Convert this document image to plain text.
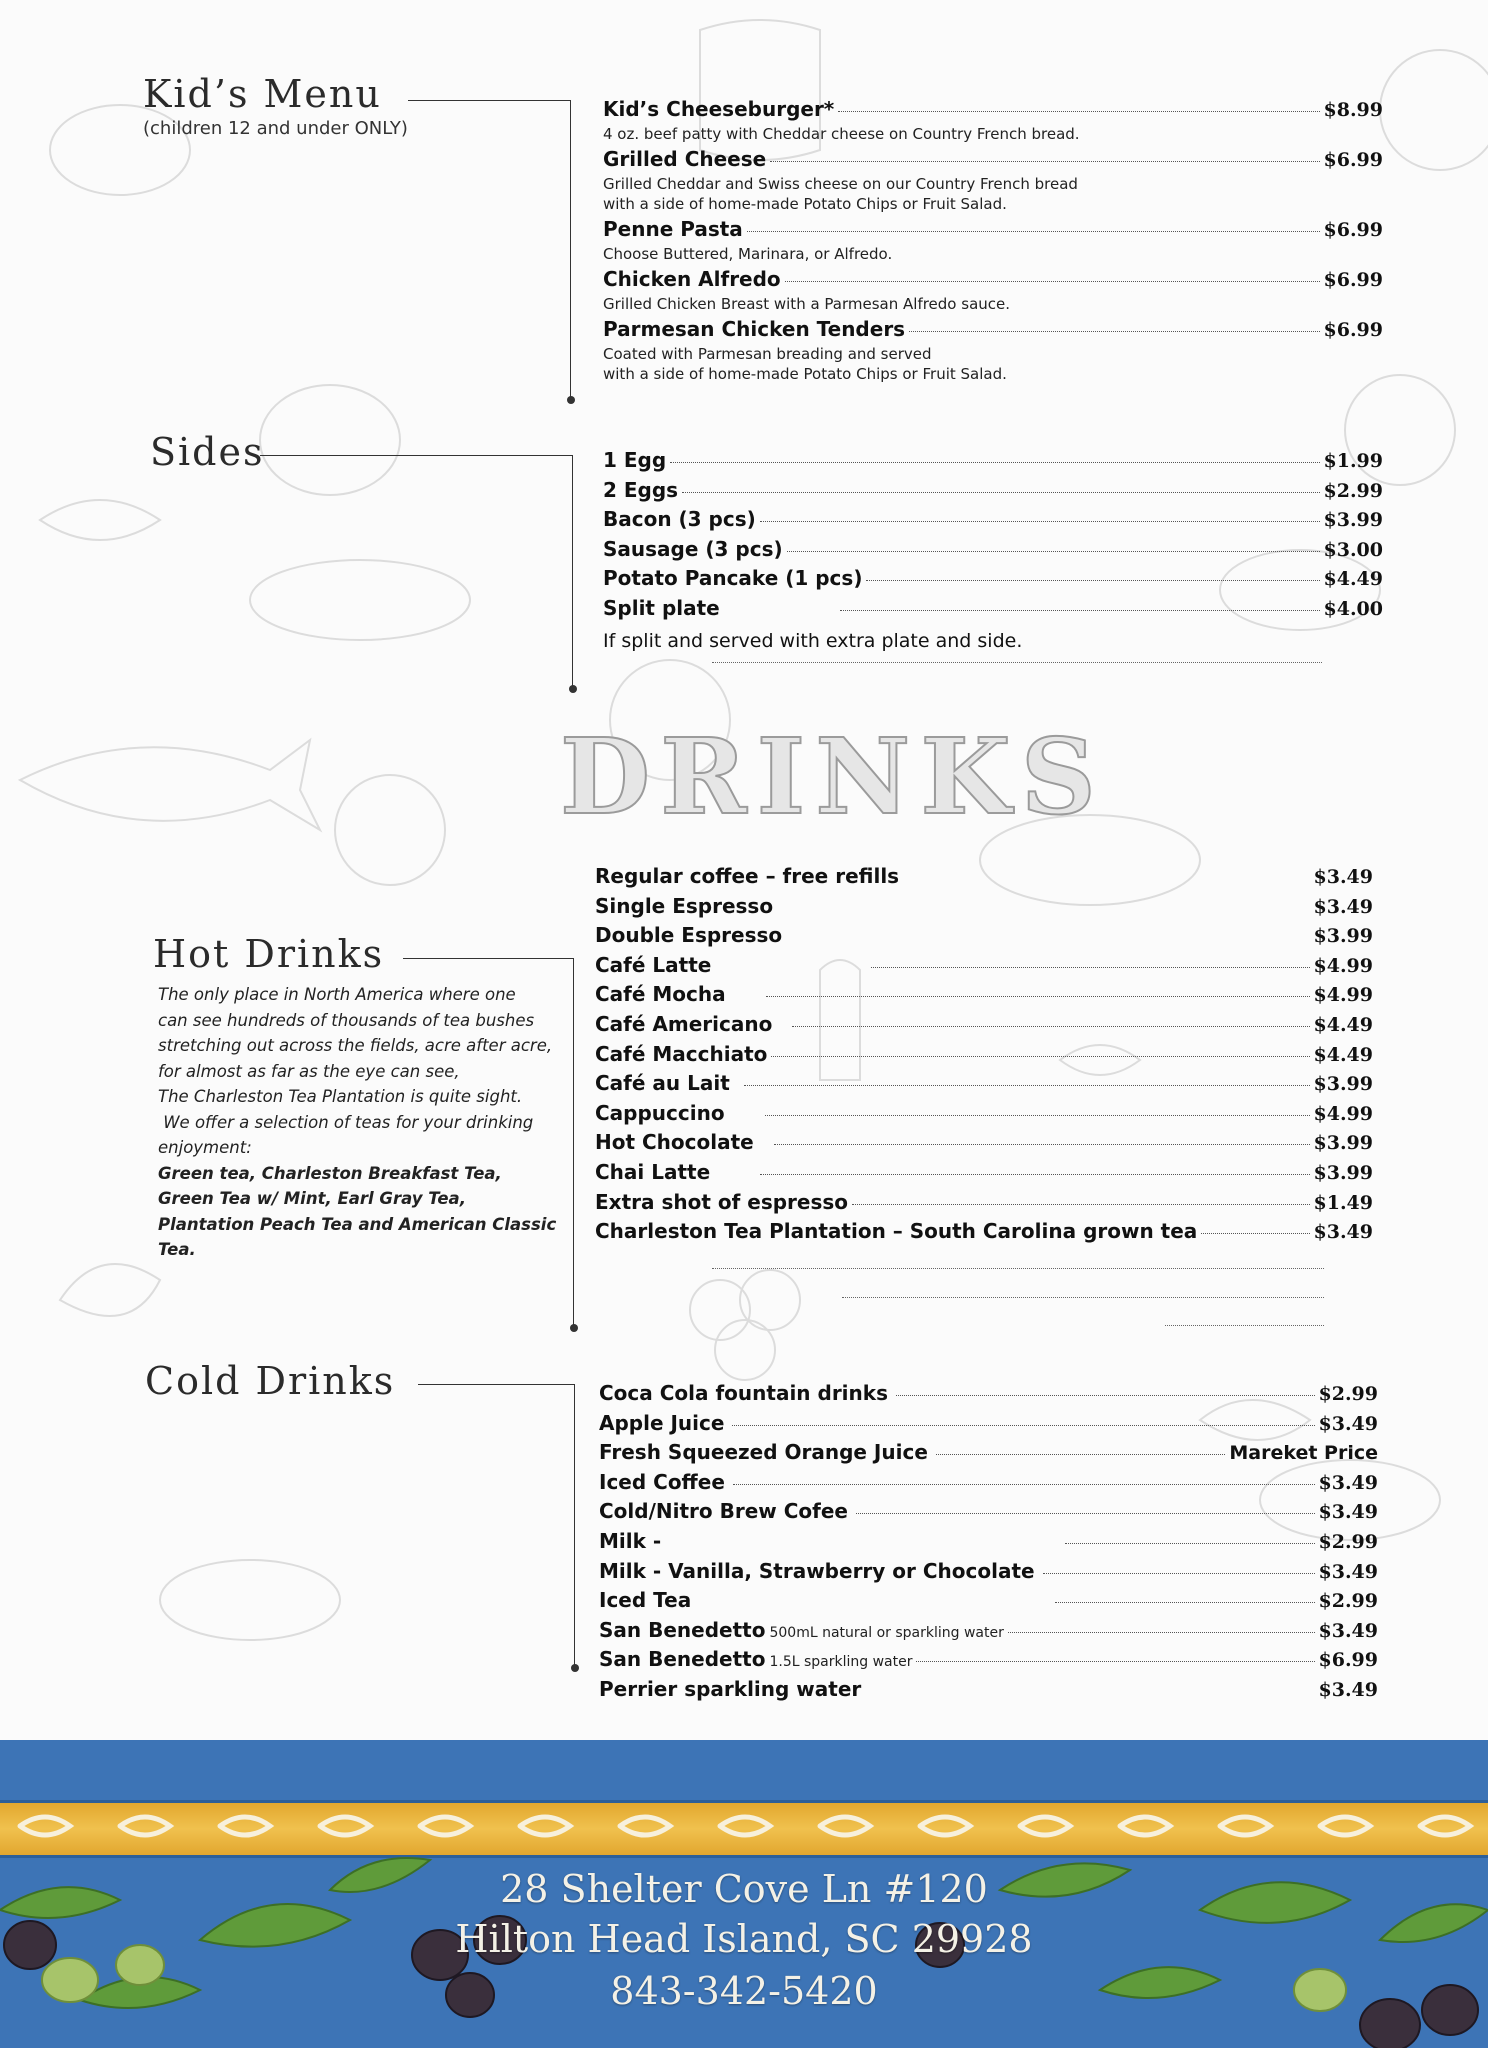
Kid’s Menu
(children 12 and under ONLY)
Kid’s Cheeseburger*	$8.99
4 oz. beef patty with Cheddar cheese on Country French bread.
Grilled Cheese	$6.99
Grilled Cheddar and Swiss cheese on our Country French bread
with a side of home-made Potato Chips or Fruit Salad.
Penne Pasta	$6.99
Choose Buttered, Marinara, or Alfredo.
Chicken Alfredo	$6.99
Grilled Chicken Breast with a Parmesan Alfredo sauce.
Parmesan Chicken Tenders	$6.99
Coated with Parmesan breading and served
with a side of home-made Potato Chips or Fruit Salad.
Sides	1 Egg	$1.99
2 Eggs	$2.99
Bacon (3 pcs)	$3.99
Sausage (3 pcs)	$3.00
Potato Pancake (1 pcs)	$4.49
Split plate	$4.00
If split and served with extra plate and side.
DRINKS
Hot Drinks
The only place in North America where one
can see hundreds of thousands of tea bushes
stretching out across the fields, acre after acre,
for almost as far as the eye can see,
The Charleston Tea Plantation is quite sight.
We offer a selection of teas for your drinking
enjoyment:
Green tea, Charleston Breakfast Tea,
Green Tea w/ Mint, Earl Gray Tea,
Plantation Peach Tea and American Classic Tea.
Regular coffee – free refills	$3.49
Single Espresso	$3.49
Double Espresso	$3.99
Café Latte	$4.99
Café Mocha	$4.99
Café Americano	$4.49
Café Macchiato	$4.49
Café au Lait	$3.99
Cappuccino	$4.99
Hot Chocolate	$3.99
Chai Latte	$3.99
Extra shot of espresso	$1.49
Charleston Tea Plantation – South Carolina grown tea	$3.49
Cold Drinks	Coca Cola fountain drinks	$2.99
Apple Juice	$3.49
Fresh Squeezed Orange Juice	Mareket Price
Iced Coffee	$3.49
Cold/Nitro Brew Cofee	$3.49
Milk -	$2.99
Milk - Vanilla, Strawberry or Chocolate	$3.49
Iced Tea	$2.99
San Benedetto 500mL natural or sparkling water	$3.49
San Benedetto 1.5L sparkling water	$6.99
Perrier sparkling water	$3.49
28 Shelter Cove Ln #120
Hilton Head Island, SC 29928
843-342-5420
